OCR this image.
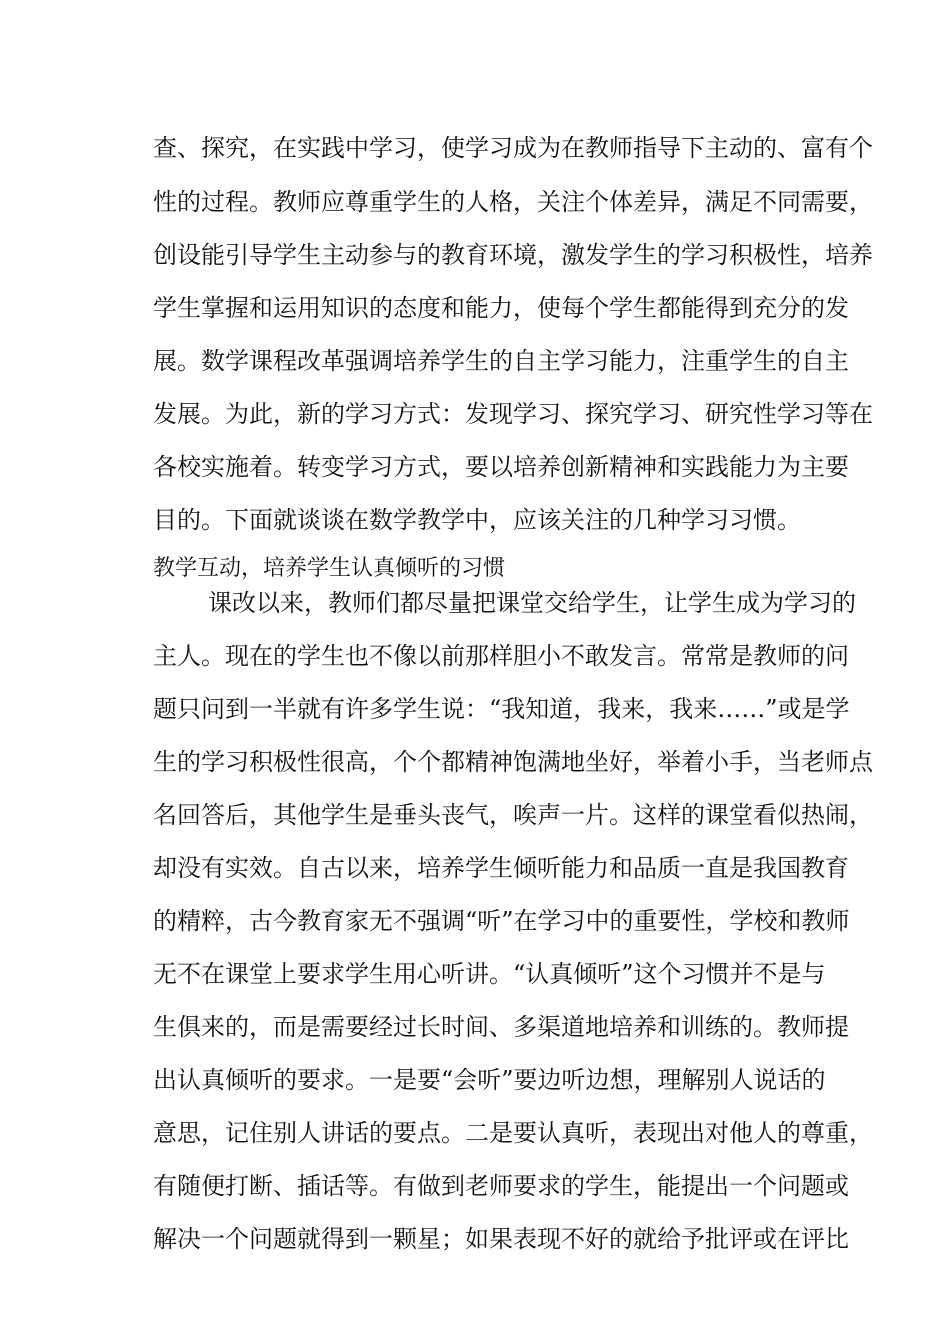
查、探究，在实践中学习，使学习成为在教师指导下主动的、富有个
性的过程。教师应尊重学生的人格，关注个体差异，满足不同需要，
创设能引导学生主动参与的教育环境，激发学生的学习积极性，培养
学生掌握和运用知识的态度和能力，使每个学生都能得到充分的发
展。数学课程改革强调培养学生的自主学习能力，注重学生的自主
发展。为此，新的学习方式：发现学习、探究学习、研究性学习等在
各校实施着。转变学习方式，要以培养创新精神和实践能力为主要
目的。下面就谈谈在数学教学中，应该关注的几种学习习惯。
教学互动，培养学生认真倾听的习惯
课改以来，教师们都尽量把课堂交给学生，让学生成为学习的
主人。现在的学生也不像以前那样胆小不敢发言。常常是教师的问
题只问到一半就有许多学生说：“我知道，我来，我来……”或是学
生的学习积极性很高，个个都精神饱满地坐好，举着小手，当老师点
名回答后，其他学生是垂头丧气，唉声一片。这样的课堂看似热闹，
却没有实效。自古以来，培养学生倾听能力和品质一直是我国教育
的精粹，古今教育家无不强调“听”在学习中的重要性，学校和教师
无不在课堂上要求学生用心听讲。“认真倾听”这个习惯并不是与
生俱来的，而是需要经过长时间、多渠道地培养和训练的。教师提
出认真倾听的要求。一是要“会听”要边听边想，理解别人说话的
意思，记住别人讲话的要点。二是要认真听，表现出对他人的尊重，
有随便打断、插话等。有做到老师要求的学生，能提出一个问题或
解决一个问题就得到一颗星；如果表现不好的就给予批评或在评比
